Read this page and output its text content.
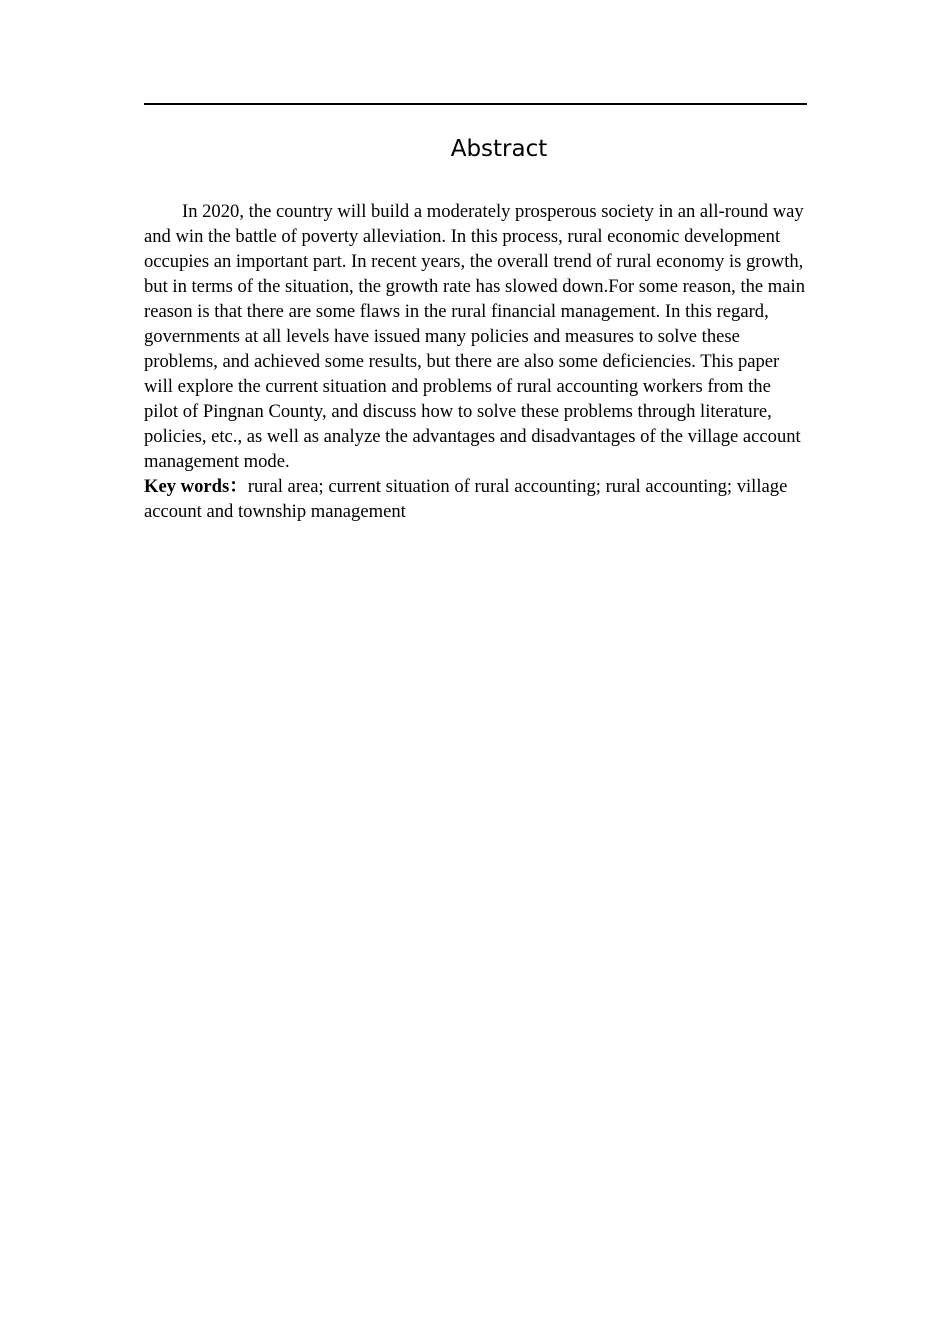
Abstract

In 2020, the country will build a moderately prosperous society in an all-round way and win the battle of poverty alleviation. In this process, rural economic development occupies an important part. In recent years, the overall trend of rural economy is growth, but in terms of the situation, the growth rate has slowed down.For some reason, the main reason is that there are some flaws in the rural financial management. In this regard, governments at all levels have issued many policies and measures to solve these problems, and achieved some results, but there are also some deficiencies. This paper will explore the current situation and problems of rural accounting workers from the pilot of Pingnan County, and discuss how to solve these problems through literature, policies, etc., as well as analyze the advantages and disadvantages of the village account management mode.

Key words：rural area; current situation of rural accounting; rural accounting; village account and township management
